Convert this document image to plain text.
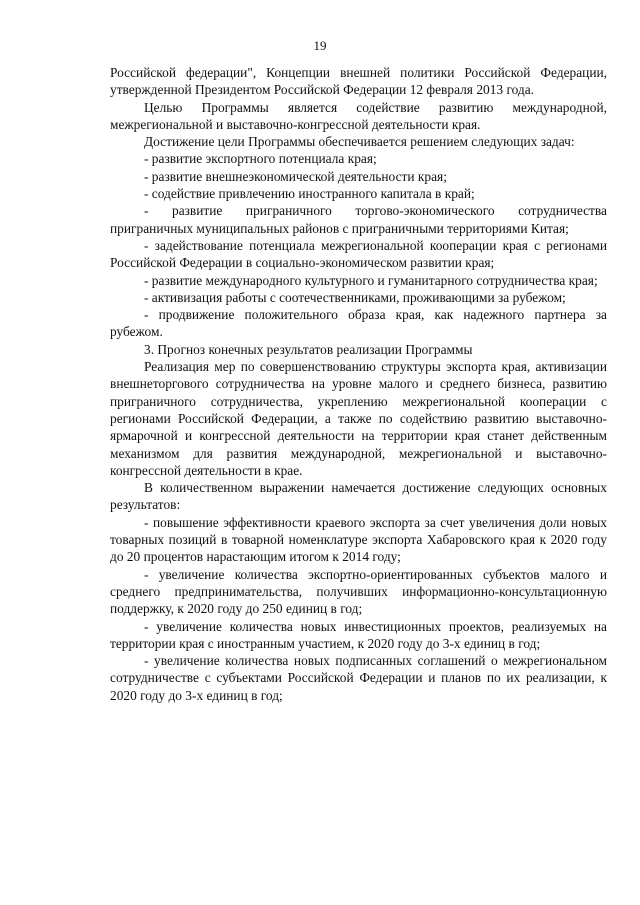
19

Российской федерации", Концепции внешней политики Российской Федерации, утвержденной Президентом Российской Федерации 12 февраля 2013 года.

Целью Программы является содействие развитию международной, межрегиональной и выставочно-конгрессной деятельности края.

Достижение цели Программы обеспечивается решением следующих задач:

- развитие экспортного потенциала края;

- развитие внешнеэкономической деятельности края;

- содействие привлечению иностранного капитала в край;

- развитие приграничного торгово-экономического сотрудничества приграничных муниципальных районов с приграничными территориями Китая;

- задействование потенциала межрегиональной кооперации края с регионами Российской Федерации в социально-экономическом развитии края;

- развитие международного культурного и гуманитарного сотрудничества края;

- активизация работы с соотечественниками, проживающими за рубежом;

- продвижение положительного образа края, как надежного партнера за рубежом.

3. Прогноз конечных результатов реализации Программы

Реализация мер по совершенствованию структуры экспорта края, активизации внешнеторгового сотрудничества на уровне малого и среднего бизнеса, развитию приграничного сотрудничества, укреплению межрегиональной кооперации с регионами Российской Федерации, а также по содействию развитию выставочно-ярмарочной и конгрессной деятельности на территории края станет действенным механизмом для развития международной, межрегиональной и выставочно-конгрессной деятельности в крае.

В количественном выражении намечается достижение следующих основных результатов:

- повышение эффективности краевого экспорта за счет увеличения доли новых товарных позиций в товарной номенклатуре экспорта Хабаровского края к 2020 году до 20 процентов нарастающим итогом к 2014 году;

- увеличение количества экспортно-ориентированных субъектов малого и среднего предпринимательства, получивших информационно-консультационную поддержку, к 2020 году до 250 единиц в год;

- увеличение количества новых инвестиционных проектов, реализуемых на территории края с иностранным участием, к 2020 году до 3-х единиц в год;

- увеличение количества новых подписанных соглашений о межрегиональном сотрудничестве с субъектами Российской Федерации и планов по их реализации, к 2020 году до 3-х единиц в год;
